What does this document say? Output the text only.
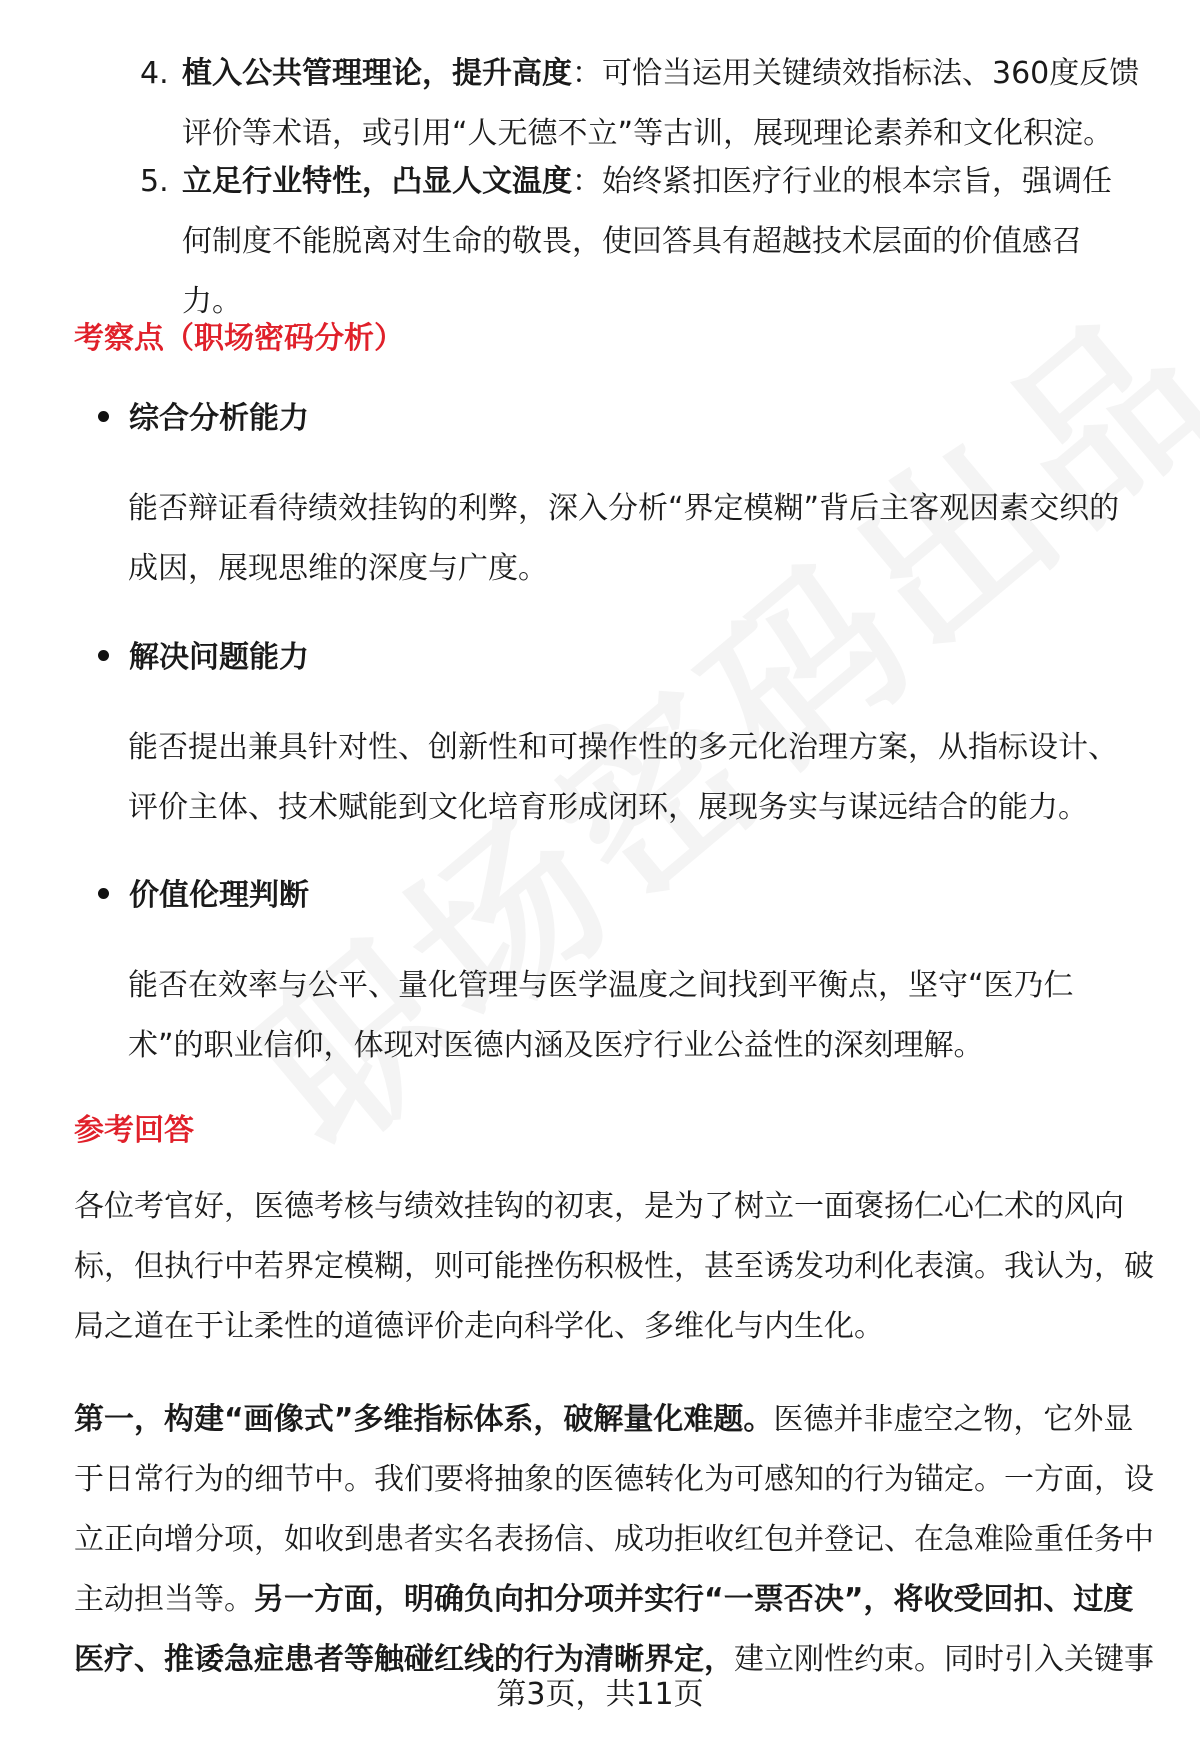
4. 植入公共管理理论，提升高度：可恰当运用关键绩效指标法、360度反馈评价等术语，或引用“人无德不立”等古训，展现理论素养和文化积淀。
5. 立足行业特性，凸显人文温度：始终紧扣医疗行业的根本宗旨，强调任何制度不能脱离对生命的敬畏，使回答具有超越技术层面的价值感召力。
考察点（职场密码分析）
综合分析能力
能否辩证看待绩效挂钩的利弊，深入分析“界定模糊”背后主客观因素交织的成因，展现思维的深度与广度。
解决问题能力
能否提出兼具针对性、创新性和可操作性的多元化治理方案，从指标设计、评价主体、技术赋能到文化培育形成闭环，展现务实与谋远结合的能力。
价值伦理判断
能否在效率与公平、量化管理与医学温度之间找到平衡点，坚守“医乃仁术”的职业信仰，体现对医德内涵及医疗行业公益性的深刻理解。
参考回答
各位考官好，医德考核与绩效挂钩的初衷，是为了树立一面褒扬仁心仁术的风向标，但执行中若界定模糊，则可能挫伤积极性，甚至诱发功利化表演。我认为，破局之道在于让柔性的道德评价走向科学化、多维化与内生化。
第一，构建“画像式”多维指标体系，破解量化难题。医德并非虚空之物，它外显于日常行为的细节中。我们要将抽象的医德转化为可感知的行为锚定。一方面，设立正向增分项，如收到患者实名表扬信、成功拒收红包并登记、在急难险重任务中主动担当等。另一方面，明确负向扣分项并实行“一票否决”，将收受回扣、过度医疗、推诿急症患者等触碰红线的行为清晰界定，建立刚性约束。同时引入关键事
第3页，共11页
